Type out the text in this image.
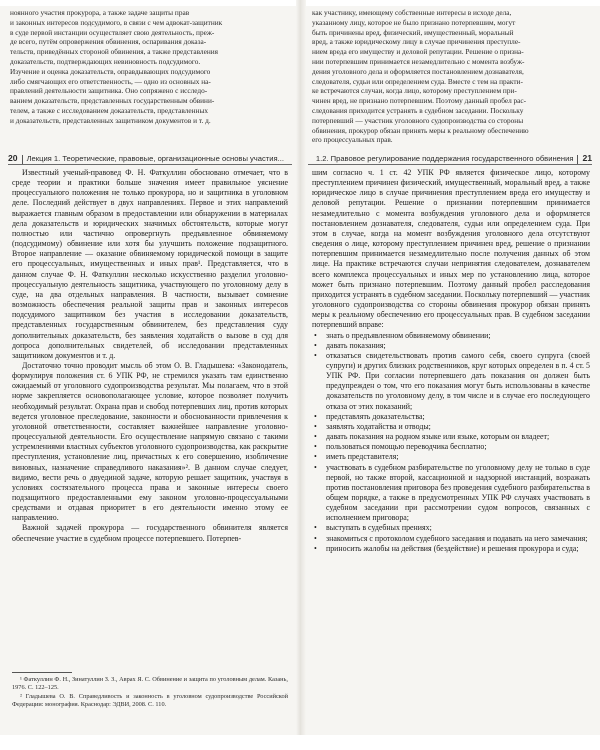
ноянного участия прокурора, а также задаче защиты прав

и законных интересов подсудимого, в связи с чем адвокат-защитник

в суде первой инстанции осуществляет свою деятельность, преж-

де всего, путём опровержения обвинения, оспаривания доказа-

тельств, приведённых стороной обвинения, а также представления

доказательств, подтверждающих невиновность подсудимого.

Изучение и оценка доказательств, оправдывающих подсудимого

либо смягчающих его ответственность, — одно из основных на-

правлений деятельности защитника. Оно сопряжено с исследо-

ванием доказательств, представленных государственным обвини-

телем, а также с исследованием доказательств, представленных

и доказательств, представленных защитником документов и т. д.

20 Лекция 1. Теоретические, правовые, организационные основы участия...

Известный ученый-правовед Ф. Н. Фаткуллин обосновано отмечает, что в среде теории и практики больше значения имеет правильное уяснение процессуального положения не только прокурора, но и защитника в уголовном деле. Последний действует в двух направлениях. Первое и этих направлений выражается главным образом в предоставлении или обнаружении в материалах дела доказательств и юридических значимых обстоятельств, которые могут полностью или частично опровергнуть предъявленное обвиняемому (подсудимому) обвинение или хотя бы улучшить положение подзащитного. Второе направление — оказание обвиняемому юридической помощи в защите его процессуальных, имущественных и иных прав¹. Представляется, что в данном случае Ф. Н. Фаткуллин несколько искусственно разделил уголовно-процессуальную деятельность защитника, участвующего по уголовному делу в суде, на два отдельных направления. В частности, вызывает сомнение возможность обеспечения реальной защиты прав и законных интересов подсудимого защитником без участия в исследовании доказательств, представленных государственным обвинителем, без представления суду дополнительных доказательств, без заявления ходатайств о вызове в суд для допроса дополнительных свидетелей, об исследовании представленных защитником документов и т. д.

Достаточно точно проводит мысль об этом О. В. Гладышева: «Законодатель, формулируя положения ст. 6 УПК РФ, не стремился указать там единственно ожидаемый от уголовного судопроизводства результат. Мы полагаем, что в этой норме закрепляется основополагающее условие, которое позволяет получить необходимый результат. Охрана прав и свобод потерпевших лиц, против которых ведется уголовное преследование, законности и обоснованности привлечения к уголовной ответственности, составляет важнейшее направление уголовно-процессуальной деятельности. Его осуществление напрямую связано с такими устремлениями властных субъектов уголовного судопроизводства, как раскрытие преступления, установление лиц, причастных к его совершению, изобличение виновных, назначение справедливого наказания»². В данном случае следует, видимо, вести речь о двуединой задаче, которую решает защитник, участвуя в условиях состязательного процесса права и законные интересы своего подзащитного предоставленными ему законом уголовно-процессуальными средствами и отдавая приоритет в его деятельности именно этому ее направлению.

Важной задачей прокурора — государственного обвинителя является обеспечение участие в судебном процессе потерпевшего. Потерпев-

¹ Фаткуллин Ф. Н., Зинатуллин З. З., Аврах Я. С. Обвинение и защита по уголовным делам. Казань, 1976. С. 122–125.

² Гладышева О. В. Справедливость и законность в уголовном судопроизводстве Российской Федерации: монография. Краснодар: ЭДВИ, 2008. С. 110.

как участнику, имеющему собственные интересы в исходе дела,

указанному лицу, которое не было признано потерпевшим, могут

быть причинены вред, физический, имущественный, моральный

вред, а также юридическому лицу в случае причинения преступле-

нием вреда его имуществу и деловой репутации. Решение о призна-

нии потерпевшим принимается незамедлительно с момента возбуж-

дения уголовного дела и оформляется постановлением дознавателя,

следователя, судьи или определением суда. Вместе с тем на практи-

ке встречаются случаи, когда лицо, которому преступлением при-

чинен вред, не признано потерпевшим. Поэтому данный пробел рас-

следования приходится устранять в судебном заседании. Поскольку

потерпевший — участник уголовного судопроизводства со стороны

обвинения, прокурор обязан принять меры к реальному обеспечению

его процессуальных прав.

1.2. Правовое регулирование поддержания государственного обвинения 21

шим согласно ч. 1 ст. 42 УПК РФ является физическое лицо, которому преступлением причинен физический, имущественный, моральный вред, а также юридическое лицо в случае причинения преступлением вреда его имуществу и деловой репутации. Решение о признании потерпевшим принимается незамедлительно с момента возбуждения уголовного дела и оформляется постановлением дознавателя, следователя, судьи или определением суда. При этом в случае, когда на момент возбуждения уголовного дела отсутствуют сведения о лице, которому преступлением причинен вред, решение о признании потерпевшим принимается незамедлительно после получения данных об этом лице. На практике встречаются случаи непринятия следователем, дознавателем всего комплекса процессуальных и иных мер по установлению лица, которое может быть признано потерпевшим. Поэтому данный пробел расследования приходится устранять в судебном заседании. Поскольку потерпевший — участник уголовного судопроизводства со стороны обвинения прокурор обязан принять меры к реальному обеспечению его процессуальных прав. В судебном заседании потерпевший вправе:

• знать о предъявленном обвиняемому обвинении;
• давать показания;
• отказаться свидетельствовать против самого себя, своего супруга (своей супруги) и других близких родственников, круг которых определен в п. 4 ст. 5 УПК РФ. При согласии потерпевшего дать показания он должен быть предупрежден о том, что его показания могут быть использованы в качестве доказательств по уголовному делу, в том числе и в случае его последующего отказа от этих показаний;
• представлять доказательства;
• заявлять ходатайства и отводы;
• давать показания на родном языке или языке, которым он владеет;
• пользоваться помощью переводчика бесплатно;
• иметь представителя;
• участвовать в судебном разбирательстве по уголовному делу не только в суде первой, но также второй, кассационной и надзорной инстанций, возражать против постановления приговора без проведения судебного разбирательства в общем порядке, а также в предусмотренных УПК РФ случаях участвовать в судебном заседании при рассмотрении судом вопросов, связанных с исполнением приговора;
• выступать в судебных прениях;
• знакомиться с протоколом судебного заседания и подавать на него замечания;
• приносить жалобы на действия (бездействие) и решения прокурора и суда;
